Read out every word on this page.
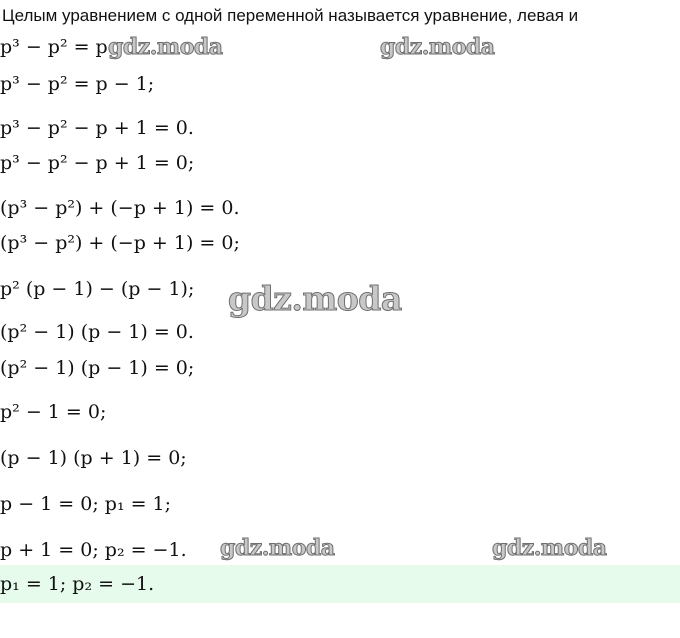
Целым уравнением с одной переменной называется уравнение, левая и
p³ − p² = p
p³ − p² = p − 1;
p³ − p² − p + 1 = 0.
p³ − p² − p + 1 = 0;
(p³ − p²) + (−p + 1) = 0.
(p³ − p²) + (−p + 1) = 0;
p² (p − 1) − (p − 1);
(p² − 1) (p − 1) = 0.
(p² − 1) (p − 1) = 0;
p² − 1 = 0;
(p − 1) (p + 1) = 0;
p − 1 = 0; p₁ = 1;
p + 1 = 0; p₂ = −1.
p₁ = 1; p₂ = −1.
gdz.moda	gdz.moda
gdz.moda
gdz.moda	gdz.moda
